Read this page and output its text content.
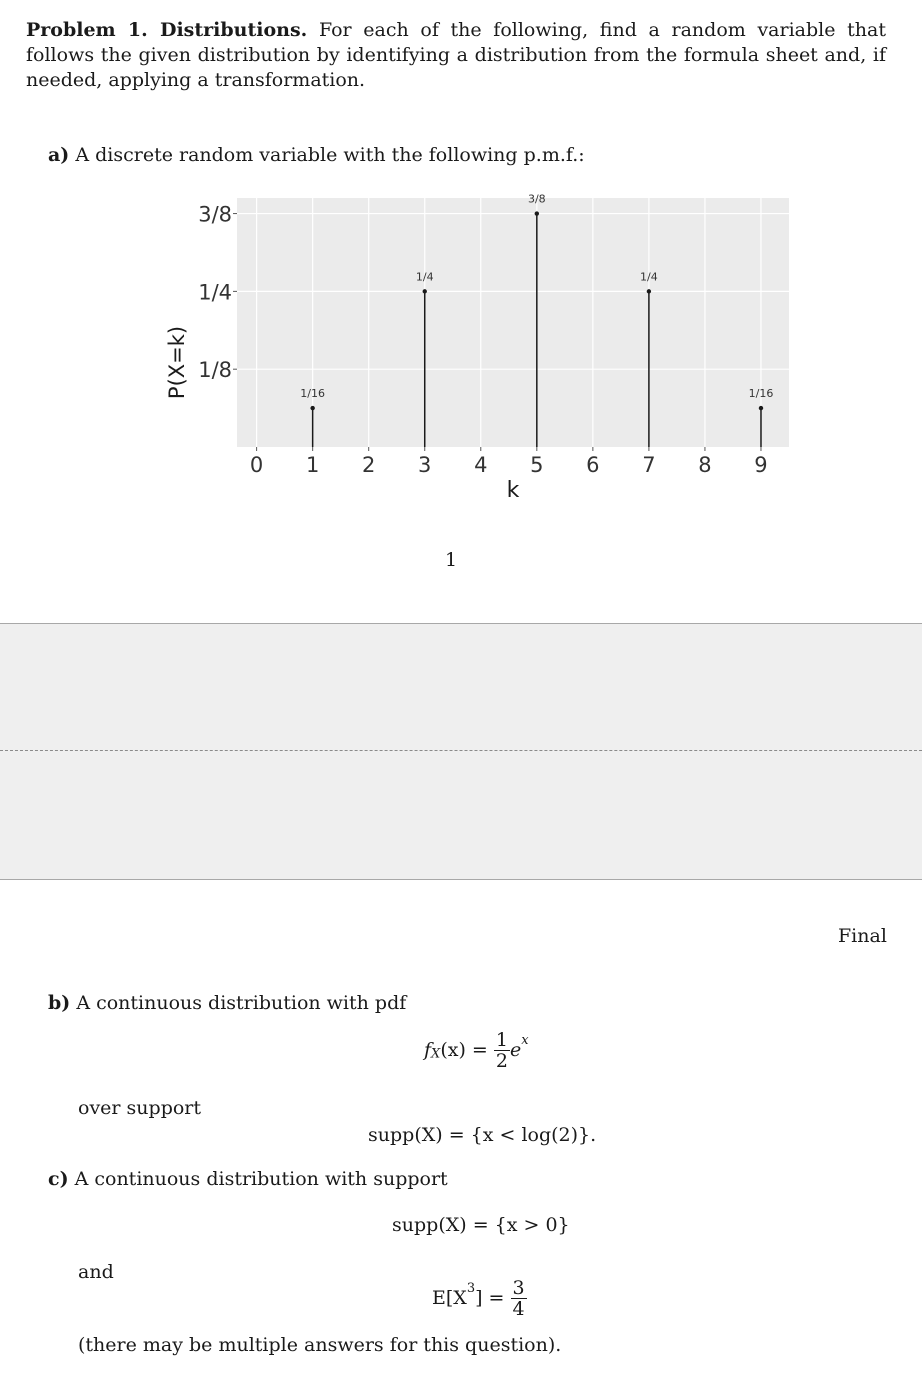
Problem 1. Distributions. For each of the following, find a random variable that follows the given distribution by identifying a distribution from the formula sheet and, if needed, applying a transformation.
a) A discrete random variable with the following p.m.f.:
1/8
1/4
3/8
0 1 2 3 4 5 6 7 8 9
1/16
1/4
3/8
1/4
1/16
k
P(X=k)
1
Final
b) A continuous distribution with pdf
$f_X(x) = \frac{1}{2} e^x$
over support
supp(X) = {x < log(2)}.
c) A continuous distribution with support
supp(X) = {x > 0}
and
$E[X^3] = \frac{3}{4}$
(there may be multiple answers for this question).
